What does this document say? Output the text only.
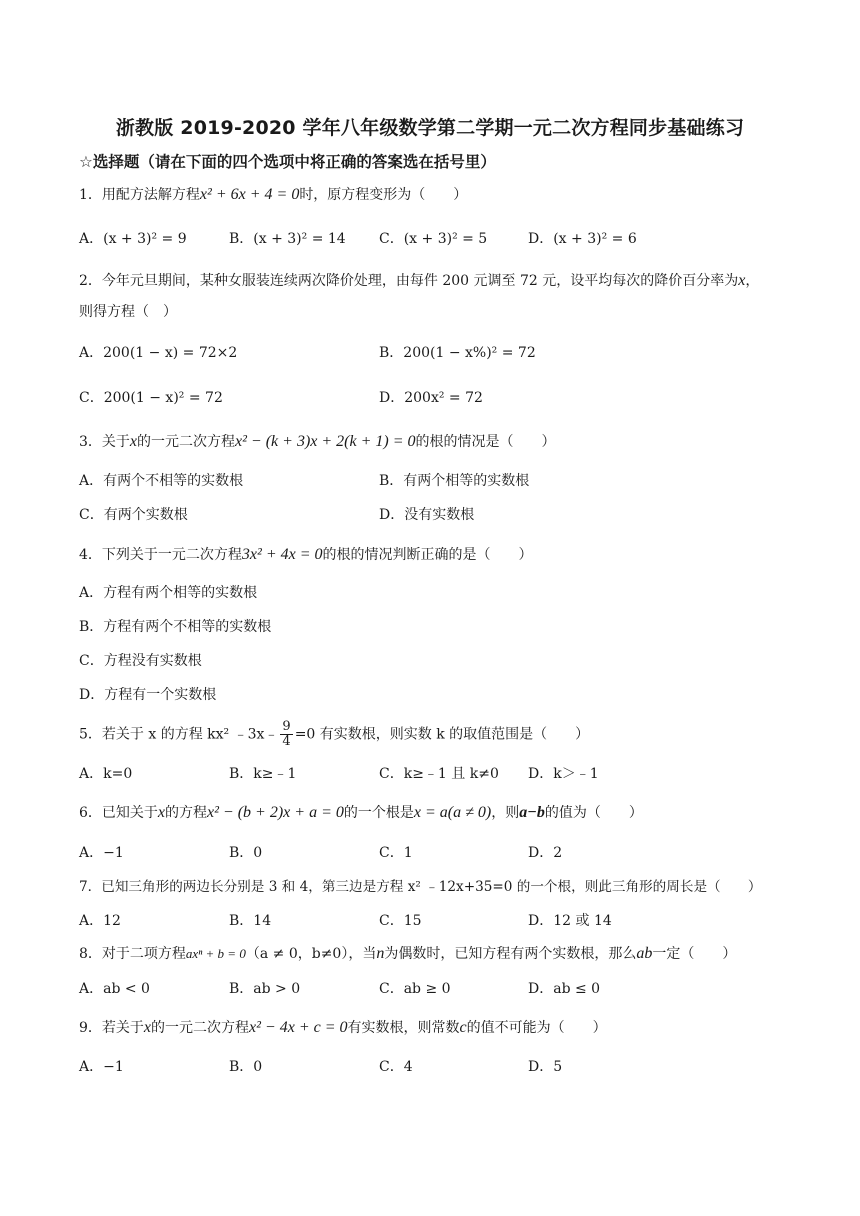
浙教版 2019-2020 学年八年级数学第二学期一元二次方程同步基础练习
☆选择题（请在下面的四个选项中将正确的答案选在括号里）
1．用配方法解方程x² + 6x + 4 = 0时，原方程变形为（　　）
A．(x + 3)² = 9	B．(x + 3)² = 14 C．(x + 3)² = 5	D．(x + 3)² = 6
2．今年元旦期间，某种女服装连续两次降价处理，由每件 200 元调至 72 元，设平均每次的降价百分率为x，
则得方程（　）
A．200(1 − x) = 72×2	B．200(1 − x%)² = 72
C．200(1 − x)² = 72	D．200x² = 72
3．关于x的一元二次方程x² − (k + 3)x + 2(k + 1) = 0的根的情况是（　　）
A．有两个不相等的实数根	B．有两个相等的实数根
C．有两个实数根	D．没有实数根
4．下列关于一元二次方程3x² + 4x = 0的根的情况判断正确的是（　　）
A．方程有两个相等的实数根
B．方程有两个不相等的实数根
C．方程没有实数根
D．方程有一个实数根
5．若关于 x 的方程 kx² ﹣3x﹣ $\frac{9}{4} =0$ 有实数根，则实数 k 的取值范围是（　　）
A．k=0	B．k≥﹣1	C．k≥﹣1 且 k≠0 D．k＞﹣1
6．已知关于x的方程x² − (b + 2)x + a = 0的一个根是x = a(a ≠ 0)，则a−b的值为（　　）
A．−1	B．0	C．1	D．2
7．已知三角形的两边长分别是 3 和 4，第三边是方程 x² ﹣12x+35=0 的一个根，则此三角形的周长是（　　）
A．12	B．14	C．15	D．12 或 14
8．对于二项方程axⁿ + b = 0（a ≠ 0，b≠0），当n为偶数时，已知方程有两个实数根，那么ab一定（　　）
A．ab < 0	B．ab > 0	C．ab ≥ 0	D．ab ≤ 0
9．若关于x的一元二次方程x² − 4x + c = 0有实数根，则常数c的值不可能为（　　）
A．−1	B．0	C．4	D．5
